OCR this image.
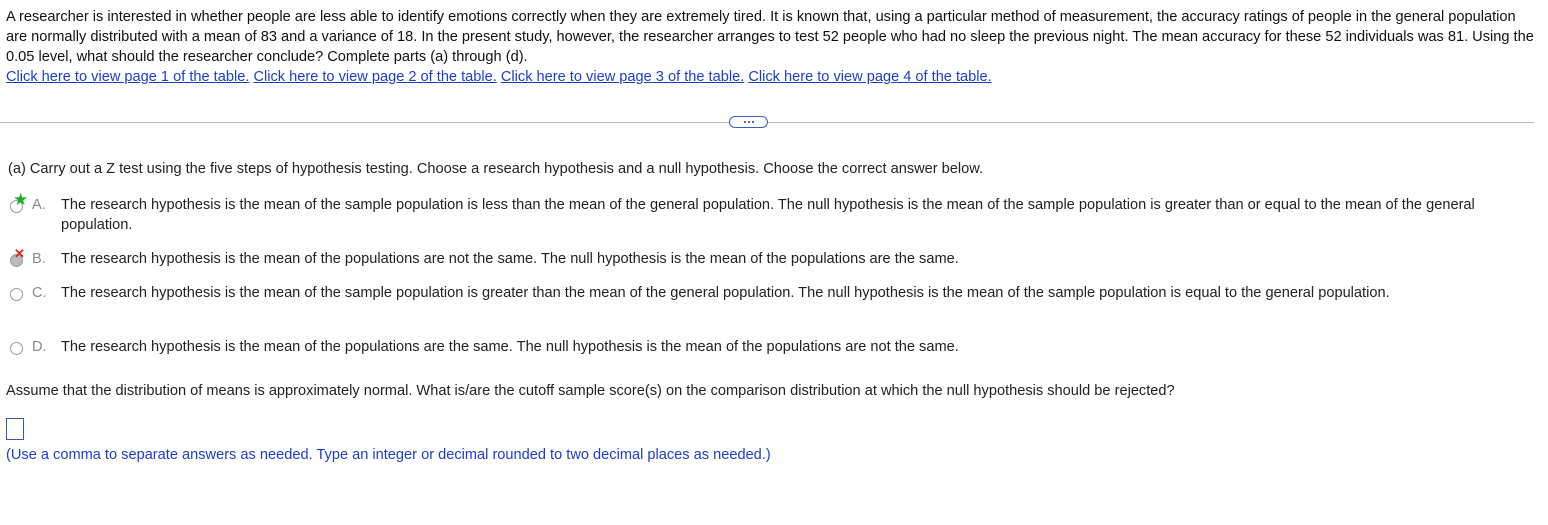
A researcher is interested in whether people are less able to identify emotions correctly when they are extremely tired. It is known that, using a particular method of measurement, the accuracy ratings of people in the general population are normally distributed with a mean of 83 and a variance of 18. In the present study, however, the researcher arranges to test 52 people who had no sleep the previous night. The mean accuracy for these 52 individuals was 81. Using the 0.05 level, what should the researcher conclude? Complete parts (a) through (d).
Click here to view page 1 of the table. Click here to view page 2 of the table. Click here to view page 3 of the table. Click here to view page 4 of the table.
(a) Carry out a Z test using the five steps of hypothesis testing. Choose a research hypothesis and a null hypothesis. Choose the correct answer below.
★ A. The research hypothesis is the mean of the sample population is less than the mean of the general population. The null hypothesis is the mean of the sample population is greater than or equal to the mean of the general population.
✕ B. The research hypothesis is the mean of the populations are not the same. The null hypothesis is the mean of the populations are the same.
C. The research hypothesis is the mean of the sample population is greater than the mean of the general population. The null hypothesis is the mean of the sample population is equal to the general population.
D. The research hypothesis is the mean of the populations are the same. The null hypothesis is the mean of the populations are not the same.
Assume that the distribution of means is approximately normal. What is/are the cutoff sample score(s) on the comparison distribution at which the null hypothesis should be rejected?
(Use a comma to separate answers as needed. Type an integer or decimal rounded to two decimal places as needed.)
